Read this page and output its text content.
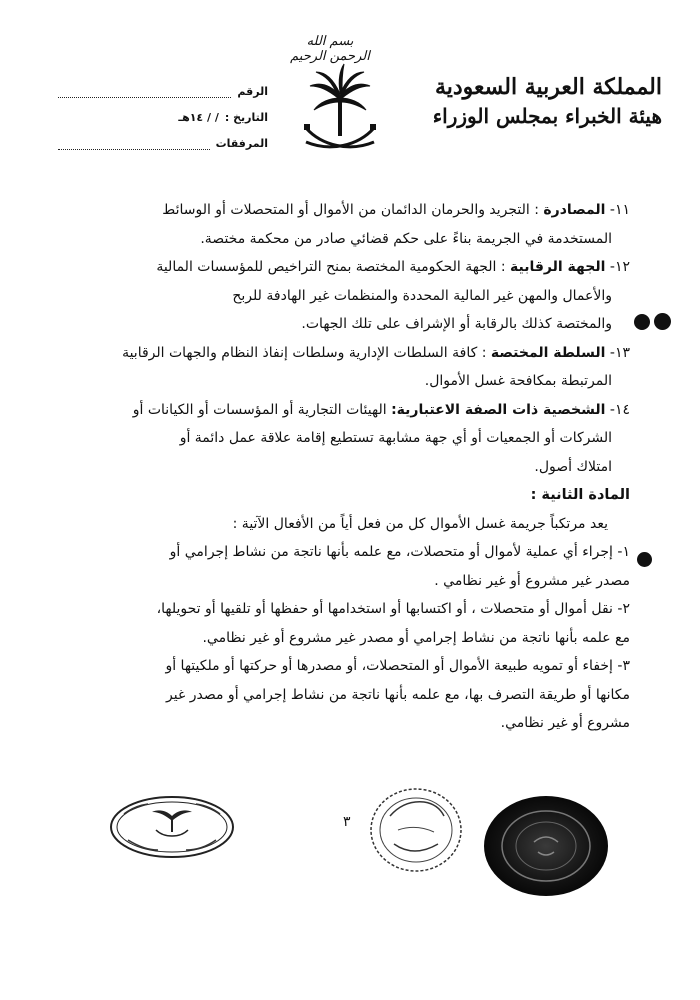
بسم الله الرحمن الرحيم
المملكة العربية السعودية
هيئة الخبراء بمجلس الوزراء
الرقم
التاريخ :
/ / ١٤هـ
المرفقات

١١- المصادرة : التجريد والحرمان الدائمان من الأموال أو المتحصلات أو الوسائط

المستخدمة في الجريمة بناءً على حكم قضائي صادر من محكمة مختصة.

١٢- الجهة الرقابية : الجهة الحكومية المختصة بمنح التراخيص للمؤسسات المالية

والأعمال والمهن غير المالية المحددة والمنظمات غير الهادفة للربح

والمختصة كذلك بالرقابة أو الإشراف على تلك الجهات.

١٣- السلطة المختصة : كافة السلطات الإدارية وسلطات إنفاذ النظام والجهات الرقابية

المرتبطة بمكافحة غسل الأموال.

١٤- الشخصية ذات الصفة الاعتبارية: الهيئات التجارية أو المؤسسات أو الكيانات أو

الشركات أو الجمعيات أو أي جهة مشابهة تستطيع إقامة علاقة عمل دائمة أو

امتلاك أصول.

المادة الثانية :

يعد مرتكباً جريمة غسل الأموال كل من فعل أياً من الأفعال الآتية :

١- إجراء أي عملية لأموال أو متحصلات، مع علمه بأنها ناتجة من نشاط إجرامي أو

مصدر غير مشروع أو غير نظامي .

٢- نقل أموال أو متحصلات ، أو اكتسابها أو استخدامها أو حفظها أو تلقيها أو تحويلها،

مع علمه بأنها ناتجة من نشاط إجرامي أو مصدر غير مشروع أو غير نظامي.

٣- إخفاء أو تمويه طبيعة الأموال أو المتحصلات، أو مصدرها أو حركتها أو ملكيتها أو

مكانها أو طريقة التصرف بها، مع علمه بأنها ناتجة من نشاط إجرامي أو مصدر غير

مشروع أو غير نظامي.

٣
